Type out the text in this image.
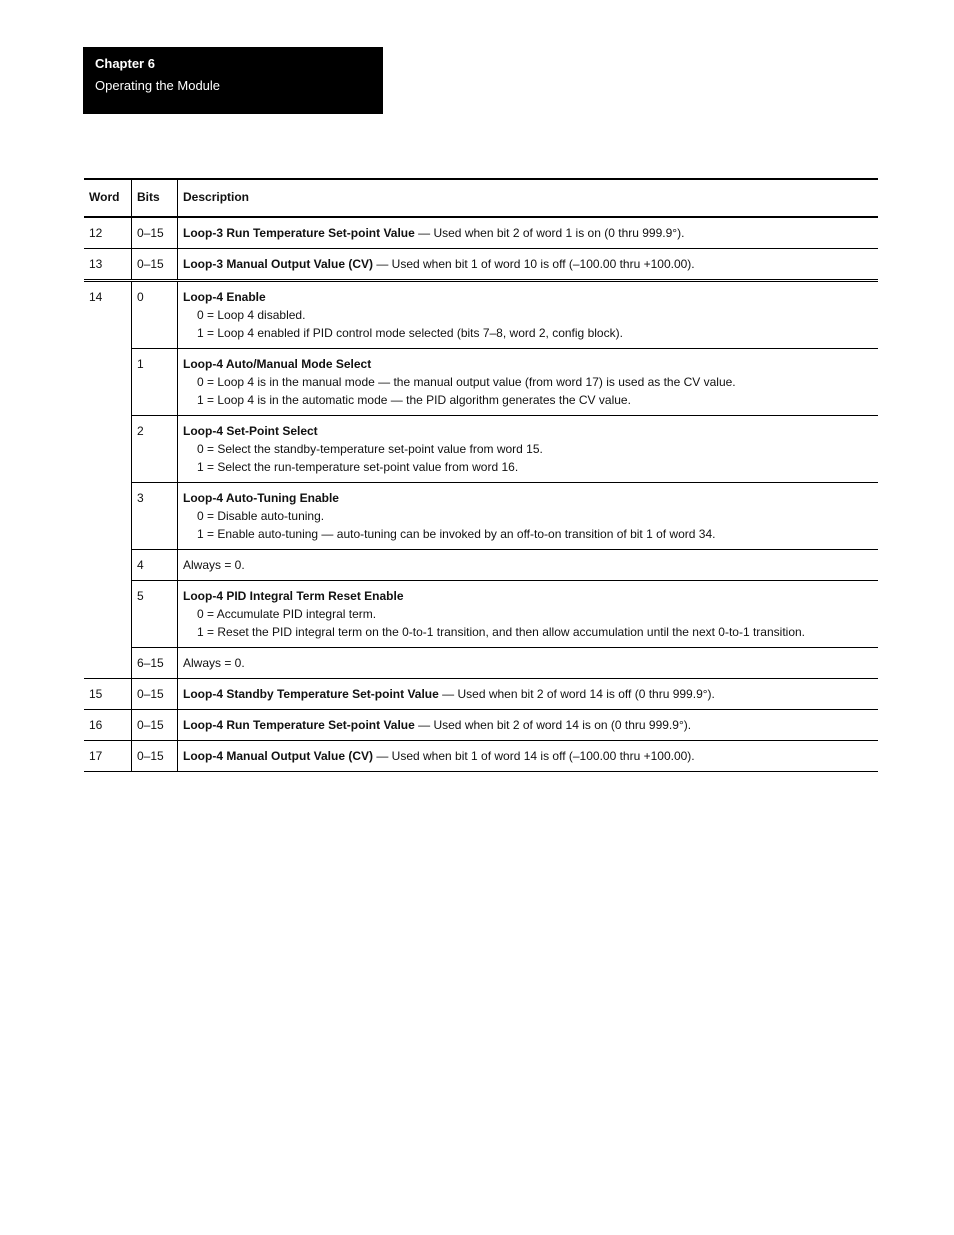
Chapter 6
Operating the Module
Word	Bits	Description
12	0–15	Loop-3 Run Temperature Set-point Value — Used when bit 2 of word 1 is on (0 thru 999.9°).
13	0–15	Loop-3 Manual Output Value (CV) — Used when bit 1 of word 10 is off (–100.00 thru +100.00).
14	0	Loop-4 Enable
0 = Loop 4 disabled.
1 = Loop 4 enabled if PID control mode selected (bits 7–8, word 2, config block).

	1	Loop-4 Auto/Manual Mode Select
0 = Loop 4 is in the manual mode — the manual output value (from word 17) is used as the CV value.
1 = Loop 4 is in the automatic mode — the PID algorithm generates the CV value.

	2	Loop-4 Set-Point Select
0 = Select the standby-temperature set-point value from word 15.
1 = Select the run-temperature set-point value from word 16.

	3	Loop-4 Auto-Tuning Enable
0 = Disable auto-tuning.
1 = Enable auto-tuning — auto-tuning can be invoked by an off-to-on transition of bit 1 of word 34.

	4	Always = 0.
	5	Loop-4 PID Integral Term Reset Enable
0 = Accumulate PID integral term.
1 = Reset the PID integral term on the 0-to-1 transition, and then allow accumulation until the next 0-to-1 transition.

	6–15	Always = 0.
15	0–15	Loop-4 Standby Temperature Set-point Value — Used when bit 2 of word 14 is off (0 thru 999.9°).
16	0–15	Loop-4 Run Temperature Set-point Value — Used when bit 2 of word 14 is on (0 thru 999.9°).
17	0–15	Loop-4 Manual Output Value (CV) — Used when bit 1 of word 14 is off (–100.00 thru +100.00).
